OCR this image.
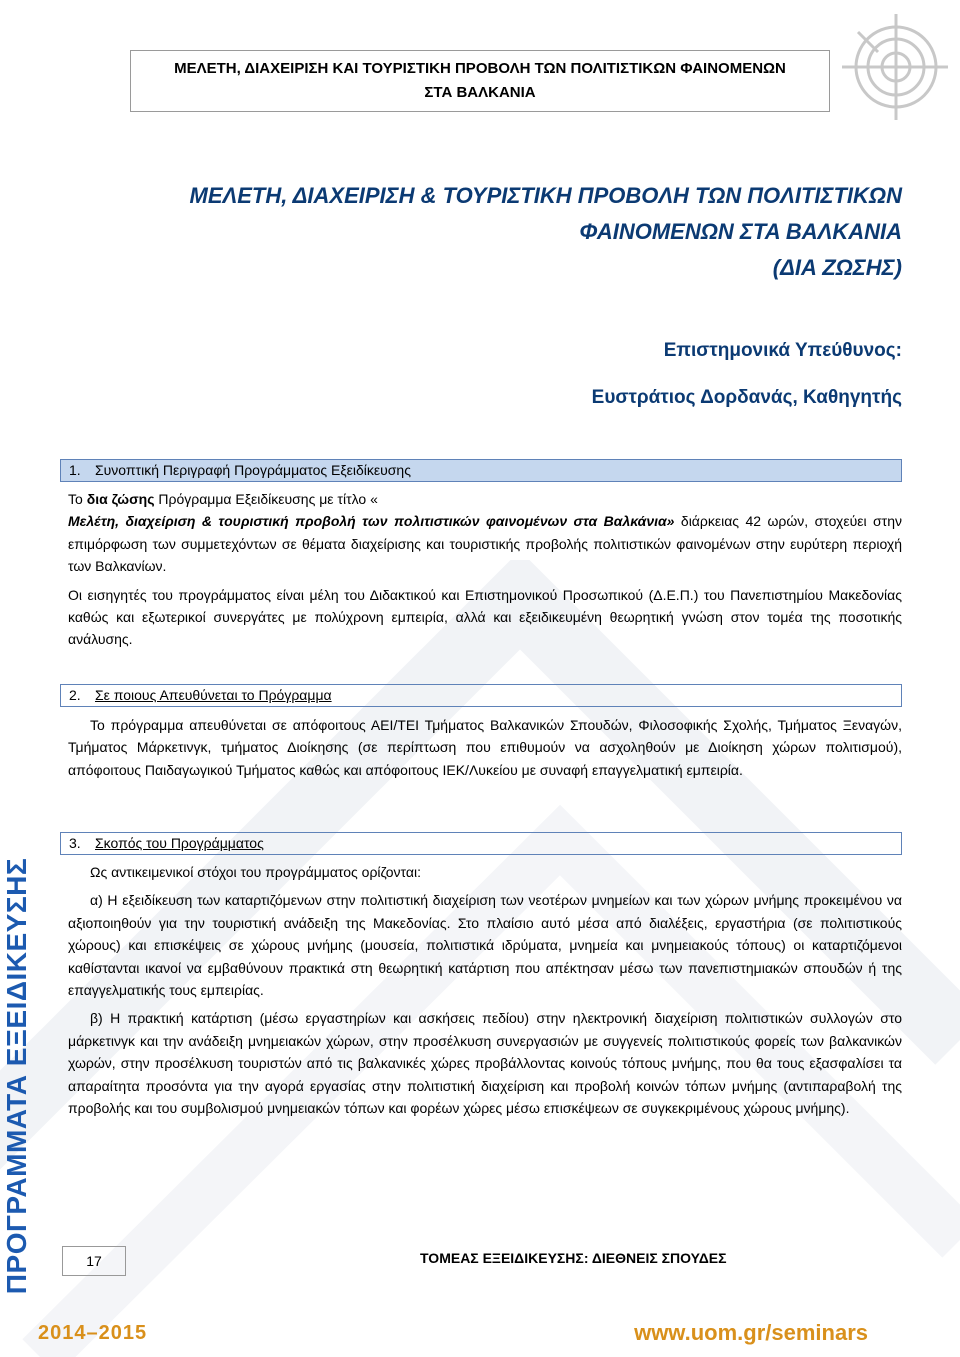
ΜΕΛΕΤΗ, ΔΙΑΧΕΙΡΙΣΗ ΚΑΙ ΤΟΥΡΙΣΤΙΚΗ ΠΡΟΒΟΛΗ ΤΩΝ ΠΟΛΙΤΙΣΤΙΚΩΝ ΦΑΙΝΟΜΕΝΩΝ
ΣΤΑ ΒΑΛΚΑΝΙΑ
ΜΕΛΕΤΗ, ΔΙΑΧΕΙΡΙΣΗ & ΤΟΥΡΙΣΤΙΚΗ ΠΡΟΒΟΛΗ ΤΩΝ ΠΟΛΙΤΙΣΤΙΚΩΝ
ΦΑΙΝΟΜΕΝΩΝ ΣΤΑ ΒΑΛΚΑΝΙΑ
(ΔΙΑ ΖΩΣΗΣ)
Επιστημονικά Υπεύθυνος:
Ευστράτιος Δορδανάς, Καθηγητής
1. Συνοπτική Περιγραφή Προγράμματος Εξειδίκευσης

Το δια ζώσης Πρόγραμμα Εξειδίκευσης με τίτλο «
Μελέτη, διαχείριση & τουριστική προβολή των πολιτιστικών φαινομένων στα Βαλκάνια» διάρκειας 42 ωρών, στοχεύει στην επιμόρφωση των συμμετεχόντων σε θέματα διαχείρισης και τουριστικής προβολής πολιτιστικών φαινομένων στην ευρύτερη περιοχή των Βαλκανίων.

Οι εισηγητές του προγράμματος είναι μέλη του Διδακτικού και Επιστημονικού Προσωπικού (Δ.Ε.Π.) του Πανεπιστημίου Μακεδονίας καθώς και εξωτερικοί συνεργάτες με πολύχρονη εμπειρία, αλλά και εξειδικευμένη θεωρητική γνώση στον τομέα της ποσοτικής ανάλυσης.

2. Σε ποιους Απευθύνεται το Πρόγραμμα

Το πρόγραμμα απευθύνεται σε απόφοιτους ΑΕΙ/ΤΕΙ Τμήματος Βαλκανικών Σπουδών, Φιλοσοφικής Σχολής, Τμήματος Ξεναγών, Τμήματος Μάρκετινγκ, τμήματος Διοίκησης (σε περίπτωση που επιθυμούν να ασχοληθούν με Διοίκηση χώρων πολιτισμού), απόφοιτους Παιδαγωγικού Τμήματος καθώς και απόφοιτους ΙΕΚ/Λυκείου με συναφή επαγγελματική εμπειρία.

3. Σκοπός του Προγράμματος

Ως αντικειμενικοί στόχοι του προγράμματος ορίζονται:

α) Η εξειδίκευση των καταρτιζόμενων στην πολιτιστική διαχείριση των νεοτέρων μνημείων και των χώρων μνήμης προκειμένου να αξιοποιηθούν για την τουριστική ανάδειξη της Μακεδονίας. Στο πλαίσιο αυτό μέσα από διαλέξεις, εργαστήρια (σε πολιτιστικούς χώρους) και επισκέψεις σε χώρους μνήμης (μουσεία, πολιτιστικά ιδρύματα, μνημεία και μνημειακούς τόπους) οι καταρτιζόμενοι καθίστανται ικανοί να εμβαθύνουν πρακτικά στη θεωρητική κατάρτιση που απέκτησαν μέσω των πανεπιστημιακών σπουδών ή της επαγγελματικής τους εμπειρίας.

β) Η πρακτική κατάρτιση (μέσω εργαστηρίων και ασκήσεις πεδίου) στην ηλεκτρονική διαχείριση πολιτιστικών συλλογών στο μάρκετινγκ και την ανάδειξη μνημειακών χώρων, στην προσέλκυση συνεργασιών με συγγενείς πολιτιστικούς φορείς των βαλκανικών χωρών, στην προσέλκυση τουριστών από τις βαλκανικές χώρες προβάλλοντας κοινούς τόπους μνήμης, που θα τους εξασφαλίσει τα απαραίτητα προσόντα για την αγορά εργασίας στην πολιτιστική διαχείριση και προβολή κοινών τόπων μνήμης (αντιπαραβολή της προβολής και του συμβολισμού μνημειακών τόπων και φορέων χώρες μέσω επισκέψεων σε συγκεκριμένους χώρους μνήμης).

ΠΡΟΓΡΑΜΜΑΤΑ ΕΞΕΙΔΙΚΕΥΣΗΣ	17	ΤΟΜΕΑΣ ΕΞΕΙΔΙΚΕΥΣΗΣ: ΔΙΕΘΝΕΙΣ ΣΠΟΥΔΕΣ
2014–2015	www.uom.gr/seminars
